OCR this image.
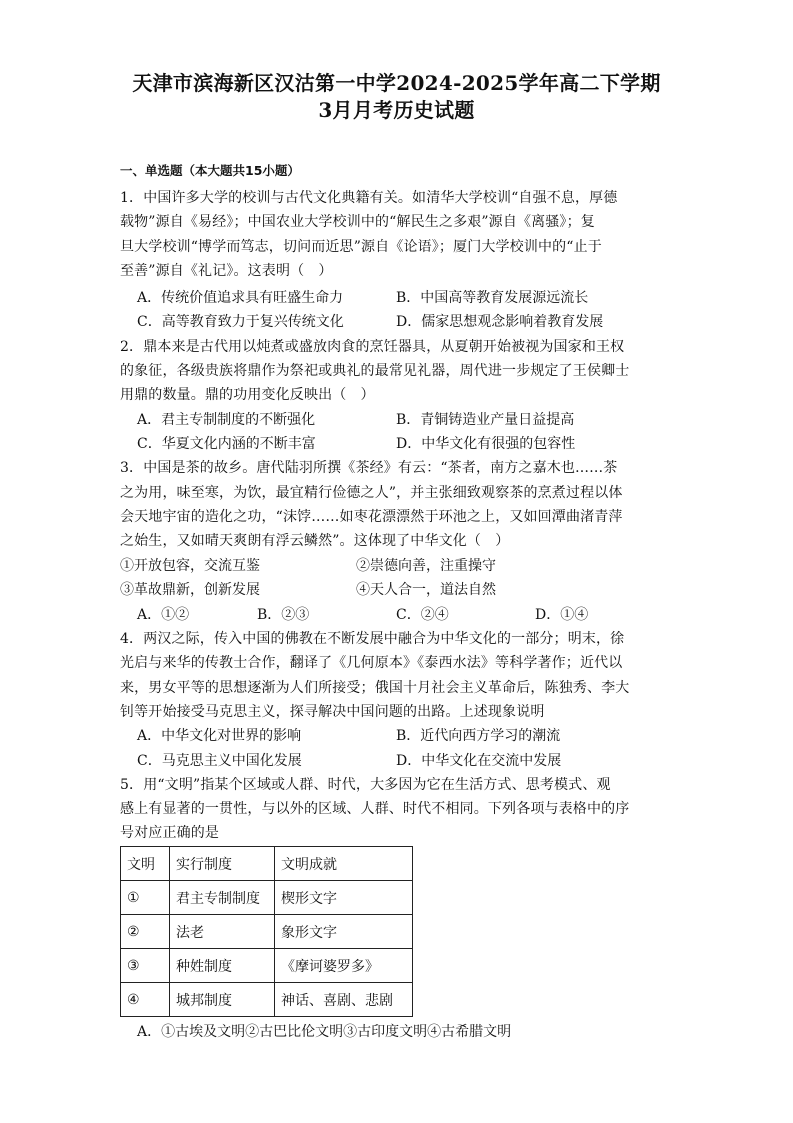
天津市滨海新区汉沽第一中学2024-2025学年高二下学期
3月月考历史试题
一、单选题（本大题共15小题）
1．中国许多大学的校训与古代文化典籍有关。如清华大学校训“自强不息，厚德
载物”源自《易经》；中国农业大学校训中的“解民生之多艰”源自《离骚》；复
旦大学校训“博学而笃志，切问而近思”源自《论语》；厦门大学校训中的“止于
至善”源自《礼记》。这表明（　）
A．传统价值追求具有旺盛生命力	B．中国高等教育发展源远流长
C．高等教育致力于复兴传统文化	D．儒家思想观念影响着教育发展
2．鼎本来是古代用以炖煮或盛放肉食的烹饪器具，从夏朝开始被视为国家和王权
的象征，各级贵族将鼎作为祭祀或典礼的最常见礼器，周代进一步规定了王侯卿士
用鼎的数量。鼎的功用变化反映出（　）
A．君主专制制度的不断强化	B．青铜铸造业产量日益提高
C．华夏文化内涵的不断丰富	D．中华文化有很强的包容性
3．中国是茶的故乡。唐代陆羽所撰《茶经》有云：“茶者，南方之嘉木也……茶
之为用，味至寒，为饮，最宜精行俭德之人”，并主张细致观察茶的烹煮过程以体
会天地宇宙的造化之功，“沫饽……如枣花漂漂然于环池之上，又如回潭曲渚青萍
之始生，又如晴天爽朗有浮云鳞然”。这体现了中华文化（　）
①开放包容，交流互鉴	②崇德向善，注重操守
③革故鼎新，创新发展	④天人合一，道法自然
A．①②	B．②③	C．②④	D．①④
4．两汉之际，传入中国的佛教在不断发展中融合为中华文化的一部分；明末，徐
光启与来华的传教士合作，翻译了《几何原本》《泰西水法》等科学著作；近代以
来，男女平等的思想逐渐为人们所接受；俄国十月社会主义革命后，陈独秀、李大
钊等开始接受马克思主义，探寻解决中国问题的出路。上述现象说明
A．中华文化对世界的影响	B．近代向西方学习的潮流
C．马克思主义中国化发展	D．中华文化在交流中发展
5．用“文明”指某个区域或人群、时代，大多因为它在生活方式、思考模式、观
感上有显著的一贯性，与以外的区域、人群、时代不相同。下列各项与表格中的序
号对应正确的是
文明	实行制度	文明成就
①	君主专制制度	楔形文字
②	法老	象形文字
③	种姓制度	《摩诃婆罗多》
④	城邦制度	神话、喜剧、悲剧
A．①古埃及文明②古巴比伦文明③古印度文明④古希腊文明
